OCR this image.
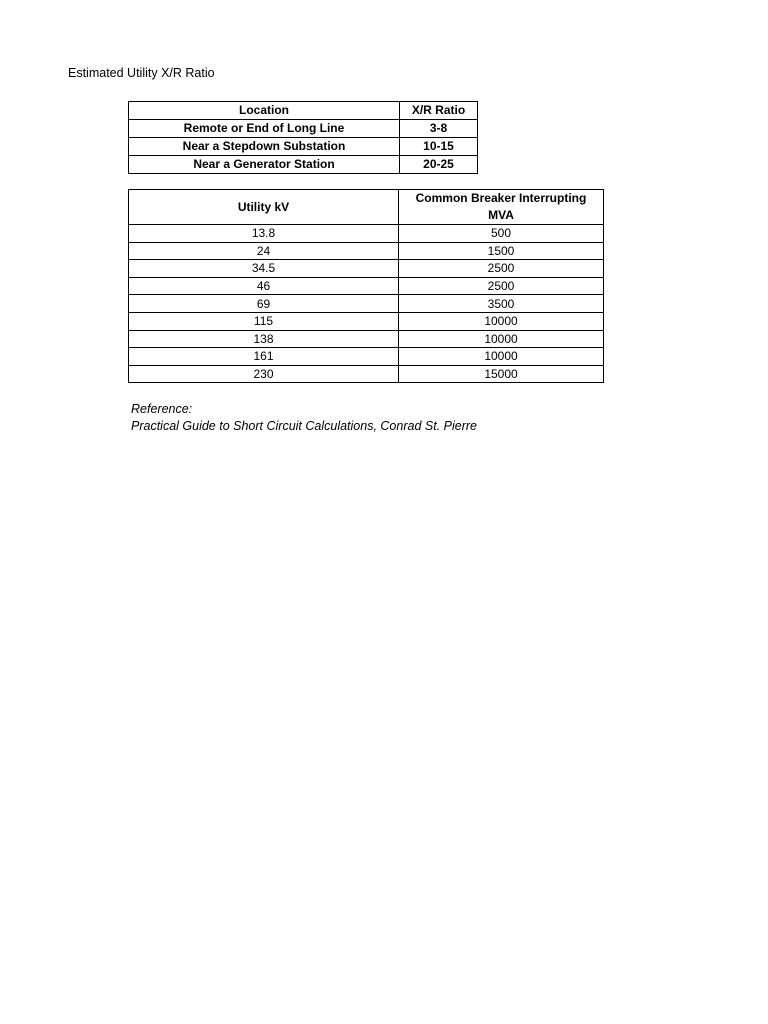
Estimated Utility X/R Ratio
Location	X/R Ratio
Remote or End of Long Line	3-8
Near a Stepdown Substation	10-15
Near a Generator Station	20-25
Utility kV	Common Breaker Interrupting
MVA
13.8	500
24	1500
34.5	2500
46	2500
69	3500
115	10000
138	10000
161	10000
230	15000
Reference:
Practical Guide to Short Circuit Calculations, Conrad St. Pierre
